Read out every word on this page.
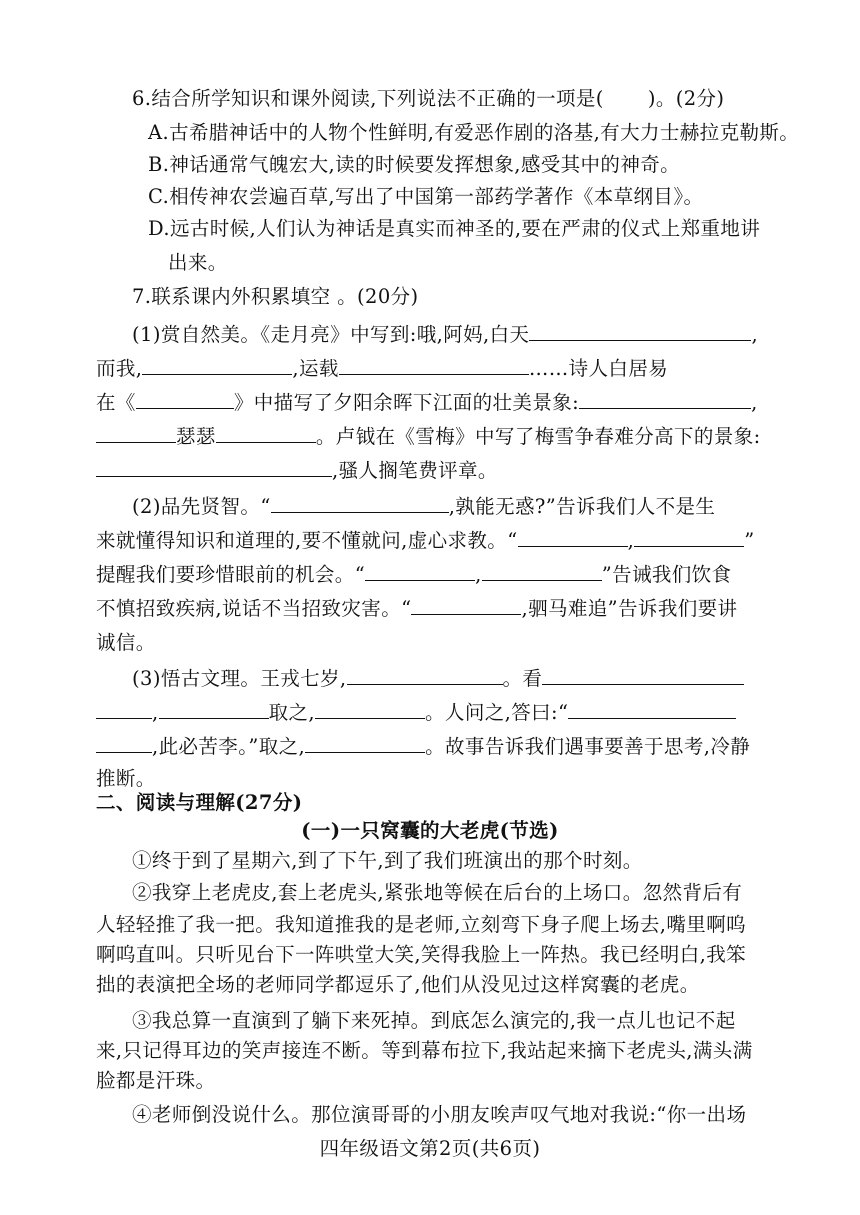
6.结合所学知识和课外阅读,下列说法不正确的一项是( )。(2分)
A.古希腊神话中的人物个性鲜明,有爱恶作剧的洛基,有大力士赫拉克勒斯。
B.神话通常气魄宏大,读的时候要发挥想象,感受其中的神奇。
C.相传神农尝遍百草,写出了中国第一部药学著作《本草纲目》。
D.远古时候,人们认为神话是真实而神圣的,要在严肃的仪式上郑重地讲
出来。
7.联系课内外积累填空 。(20分)
(1)赏自然美。《走月亮》中写到:哦,阿妈,白天	,
而我,	,运载	……诗人白居易
在《	》中描写了夕阳余晖下江面的壮美景象:	,
瑟瑟	。卢钺在《雪梅》中写了梅雪争春难分高下的景象:
,骚人搁笔费评章。
(2)品先贤智。“	,孰能无惑?”告诉我们人不是生
来就懂得知识和道理的,要不懂就问,虚心求教。“	,	”
提醒我们要珍惜眼前的机会。“	,	”告诫我们饮食
不慎招致疾病,说话不当招致灾害。“	,驷马难追”告诉我们要讲
诚信。
(3)悟古文理。王戎七岁,	。看
,	取之,	。人问之,答曰:“
,此必苦李。”取之,	。故事告诉我们遇事要善于思考,冷静
推断。
二、阅读与理解(27分)
(一)一只窝囊的大老虎(节选)
①终于到了星期六,到了下午,到了我们班演出的那个时刻。
②我穿上老虎皮,套上老虎头,紧张地等候在后台的上场口。忽然背后有
人轻轻推了我一把。我知道推我的是老师,立刻弯下身子爬上场去,嘴里啊呜
啊呜直叫。只听见台下一阵哄堂大笑,笑得我脸上一阵热。我已经明白,我笨
拙的表演把全场的老师同学都逗乐了,他们从没见过这样窝囊的老虎。
③我总算一直演到了躺下来死掉。到底怎么演完的,我一点儿也记不起
来,只记得耳边的笑声接连不断。等到幕布拉下,我站起来摘下老虎头,满头满
脸都是汗珠。
④老师倒没说什么。那位演哥哥的小朋友唉声叹气地对我说:“你一出场
四年级语文第2页(共6页)
